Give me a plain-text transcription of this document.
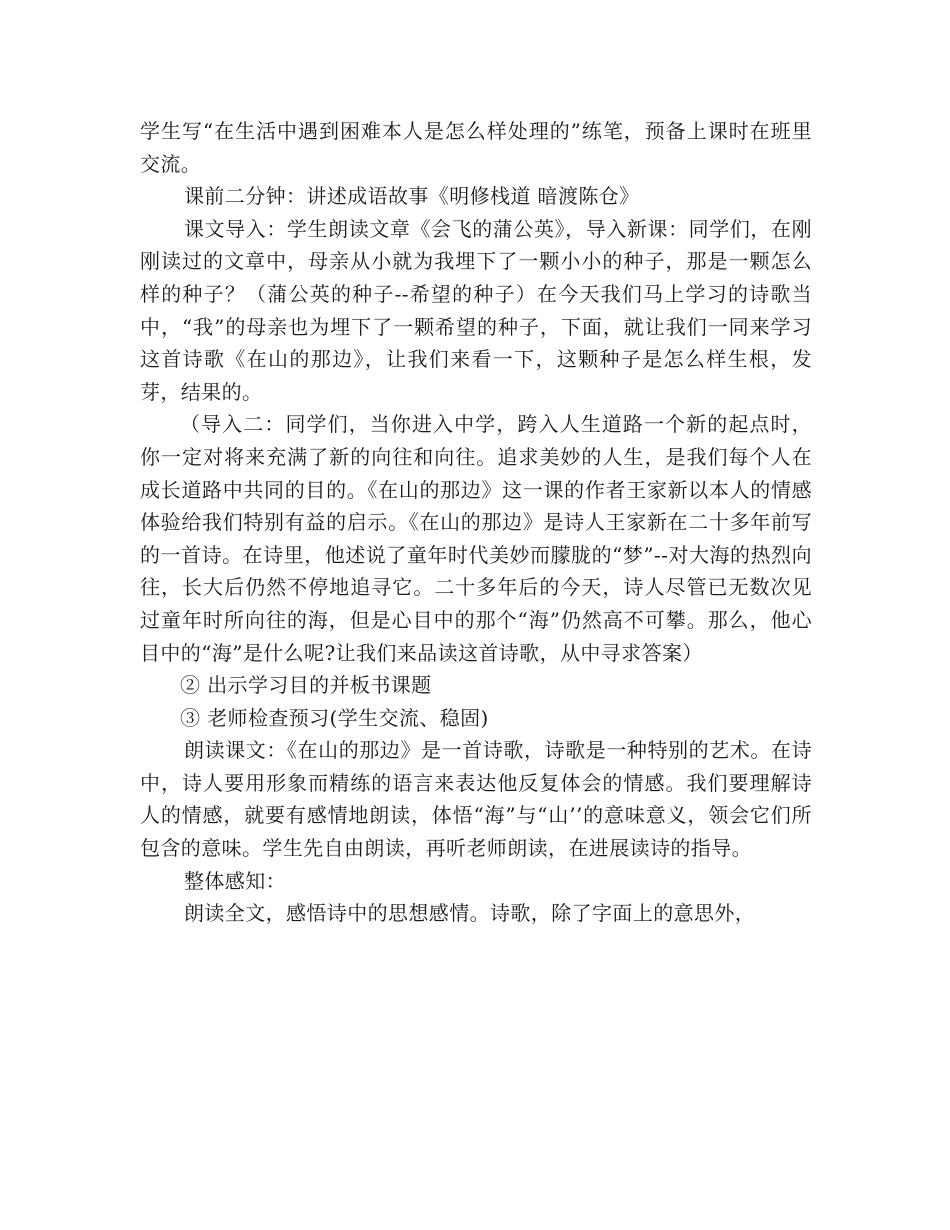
学生写“在生活中遇到困难本人是怎么样处理的”练笔，预备上课时在班里交流。

课前二分钟：讲述成语故事《明修栈道 暗渡陈仓》

课文导入：学生朗读文章《会飞的蒲公英》，导入新课：同学们，在刚刚读过的文章中，母亲从小就为我埋下了一颗小小的种子，那是一颗怎么样的种子？（蒲公英的种子--希望的种子）在今天我们马上学习的诗歌当中，“我”的母亲也为埋下了一颗希望的种子，下面，就让我们一同来学习这首诗歌《在山的那边》，让我们来看一下，这颗种子是怎么样生根，发芽，结果的。

（导入二：同学们，当你进入中学，跨入人生道路一个新的起点时，你一定对将来充满了新的向往和向往。追求美妙的人生，是我们每个人在成长道路中共同的目的。《在山的那边》这一课的作者王家新以本人的情感体验给我们特别有益的启示。《在山的那边》是诗人王家新在二十多年前写的一首诗。在诗里，他述说了童年时代美妙而朦胧的“梦”--对大海的热烈向往，长大后仍然不停地追寻它。二十多年后的今天，诗人尽管已无数次见过童年时所向往的海，但是心目中的那个“海”仍然高不可攀。那么，他心目中的“海”是什么呢?让我们来品读这首诗歌，从中寻求答案）

② 出示学习目的并板书课题

③ 老师检查预习(学生交流、稳固)

朗读课文：《在山的那边》是一首诗歌，诗歌是一种特别的艺术。在诗中，诗人要用形象而精练的语言来表达他反复体会的情感。我们要理解诗人的情感，就要有感情地朗读，体悟“海”与“山’’的意味意义，领会它们所包含的意味。学生先自由朗读，再听老师朗读，在进展读诗的指导。

整体感知：

朗读全文，感悟诗中的思想感情。诗歌，除了字面上的意思外，
